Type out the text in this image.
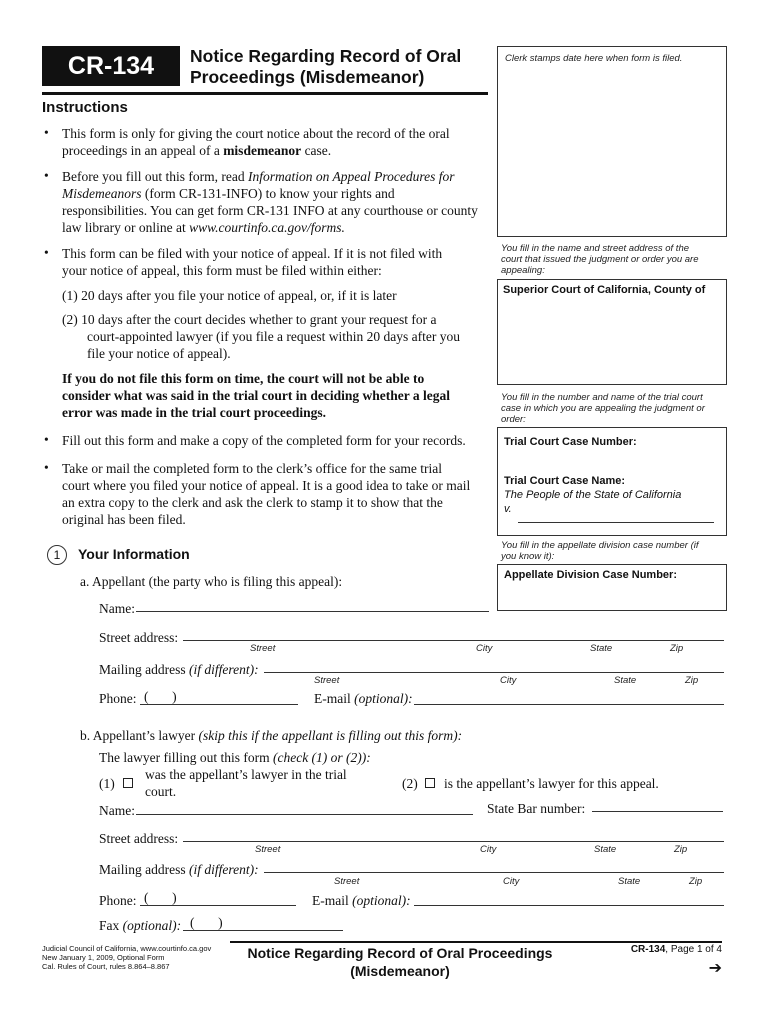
CR-134	Notice Regarding Record of Oral
Proceedings (Misdemeanor)
Clerk stamps date here when form is filed.
Instructions
• This form is only for giving the court notice about the record of the oral
proceedings in an appeal of a misdemeanor case.
• Before you fill out this form, read Information on Appeal Procedures for
Misdemeanors (form CR-131-INFO) to know your rights and
responsibilities. You can get form CR-131 INFO at any courthouse or county
law library or online at www.courtinfo.ca.gov/forms.
• This form can be filed with your notice of appeal. If it is not filed with
your notice of appeal, this form must be filed within either:
(1) 20 days after you file your notice of appeal, or, if it is later
(2) 10 days after the court decides whether to grant your request for a
court-appointed lawyer (if you file a request within 20 days after you
file your notice of appeal).
If you do not file this form on time, the court will not be able to
consider what was said in the trial court in deciding whether a legal
error was made in the trial court proceedings.
• Fill out this form and make a copy of the completed form for your records.
• Take or mail the completed form to the clerk’s office for the same trial
court where you filed your notice of appeal. It is a good idea to take or mail
an extra copy to the clerk and ask the clerk to stamp it to show that the
original has been filed.
You fill in the name and street address of the
court that issued the judgment or order you are
appealing:
Superior Court of California, County of
You fill in the number and name of the trial court
case in which you are appealing the judgment or
order:
Trial Court Case Number:
Trial Court Case Name:
The People of the State of California
v.
You fill in the appellate division case number (if
you know it):
Appellate Division Case Number:
1	Your Information
a. Appellant (the party who is filing this appeal):
Name:
Street address:
Street	City	State	Zip
Mailing address (if different):
Street	City	State	Zip
Phone: (       )	E-mail (optional):
b. Appellant’s lawyer (skip this if the appellant is filling out this form):
The lawyer filling out this form (check (1) or (2)):
(1)
was the appellant’s lawyer in the trial
court.
(2) is the appellant’s lawyer for this appeal.
Name:	State Bar number:
Street address:
Street	City	State	Zip
Mailing address (if different):
Street	City	State	Zip
Phone: (       )	E-mail (optional):
Fax (optional): (       )
Judicial Council of California, www.courtinfo.ca.gov
New January 1, 2009, Optional Form
Cal. Rules of Court, rules 8.864–8.867
Notice Regarding Record of Oral Proceedings
(Misdemeanor)
CR-134, Page 1 of 4
➔
